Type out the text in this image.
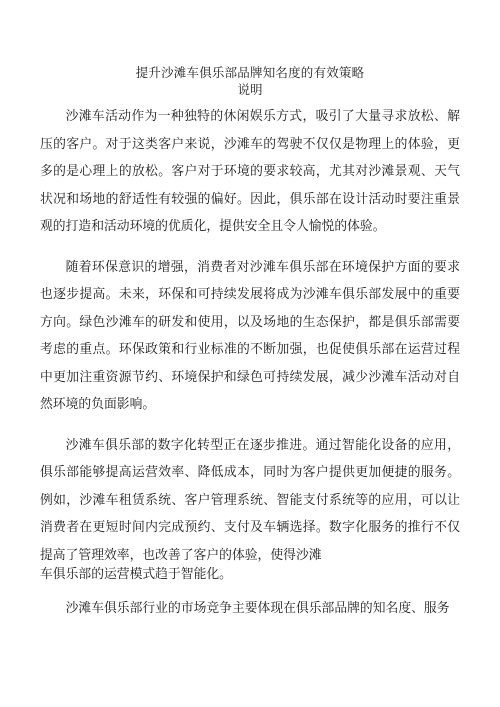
提升沙滩车俱乐部品牌知名度的有效策略
说明

沙滩车活动作为一种独特的休闲娱乐方式，吸引了大量寻求放松、解压的客户。对于这类客户来说，沙滩车的驾驶不仅仅是物理上的体验，更多的是心理上的放松。客户对于环境的要求较高，尤其对沙滩景观、天气状况和场地的舒适性有较强的偏好。因此，俱乐部在设计活动时要注重景观的打造和活动环境的优质化，提供安全且令人愉悦的体验。

随着环保意识的增强，消费者对沙滩车俱乐部在环境保护方面的要求也逐步提高。未来，环保和可持续发展将成为沙滩车俱乐部发展中的重要方向。绿色沙滩车的研发和使用，以及场地的生态保护，都是俱乐部需要考虑的重点。环保政策和行业标准的不断加强，也促使俱乐部在运营过程中更加注重资源节约、环境保护和绿色可持续发展，减少沙滩车活动对自然环境的负面影响。

沙滩车俱乐部的数字化转型正在逐步推进。通过智能化设备的应用，俱乐部能够提高运营效率、降低成本，同时为客户提供更加便捷的服务。例如，沙滩车租赁系统、客户管理系统、智能支付系统等的应用，可以让消费者在更短时间内完成预约、支付及车辆选择。数字化服务的推行不仅提高了管理效率，也改善了客户的体验，使得沙滩
车俱乐部的运营模式趋于智能化。

沙滩车俱乐部行业的市场竞争主要体现在俱乐部品牌的知名度、服务
